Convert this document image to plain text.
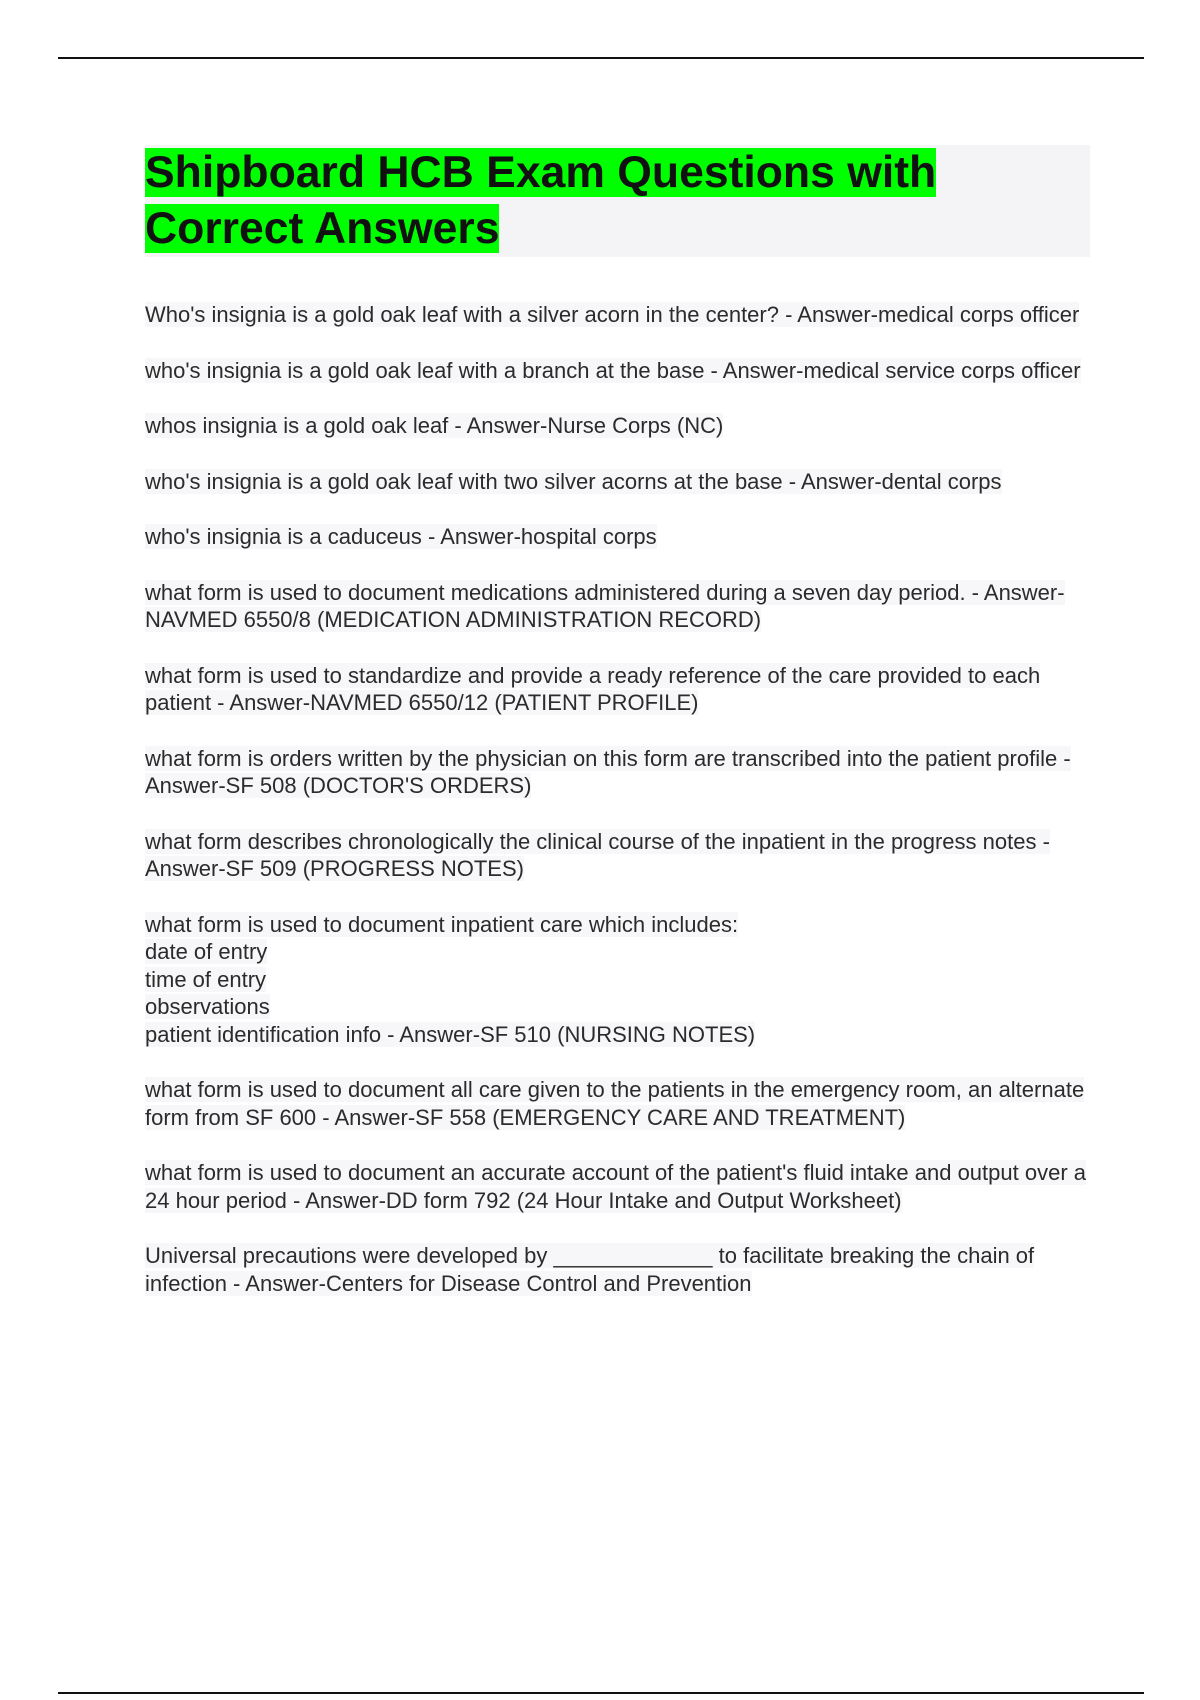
Shipboard HCB Exam Questions with Correct Answers
Who's insignia is a gold oak leaf with a silver acorn in the center? - Answer-medical corps officer
who's insignia is a gold oak leaf with a branch at the base - Answer-medical service corps officer
whos insignia is a gold oak leaf - Answer-Nurse Corps (NC)
who's insignia is a gold oak leaf with two silver acorns at the base - Answer-dental corps
who's insignia is a caduceus - Answer-hospital corps
what form is used to document medications administered during a seven day period. - Answer-NAVMED 6550/8 (MEDICATION ADMINISTRATION RECORD)
what form is used to standardize and provide a ready reference of the care provided to each patient - Answer-NAVMED 6550/12 (PATIENT PROFILE)
what form is orders written by the physician on this form are transcribed into the patient profile - Answer-SF 508 (DOCTOR'S ORDERS)
what form describes chronologically the clinical course of the inpatient in the progress notes - Answer-SF 509 (PROGRESS NOTES)
what form is used to document inpatient care which includes:
date of entry
time of entry
observations
patient identification info - Answer-SF 510 (NURSING NOTES)
what form is used to document all care given to the patients in the emergency room, an alternate form from SF 600 - Answer-SF 558 (EMERGENCY CARE AND TREATMENT)
what form is used to document an accurate account of the patient's fluid intake and output over a 24 hour period - Answer-DD form 792 (24 Hour Intake and Output Worksheet)
Universal precautions were developed by _____________ to facilitate breaking the chain of infection - Answer-Centers for Disease Control and Prevention
